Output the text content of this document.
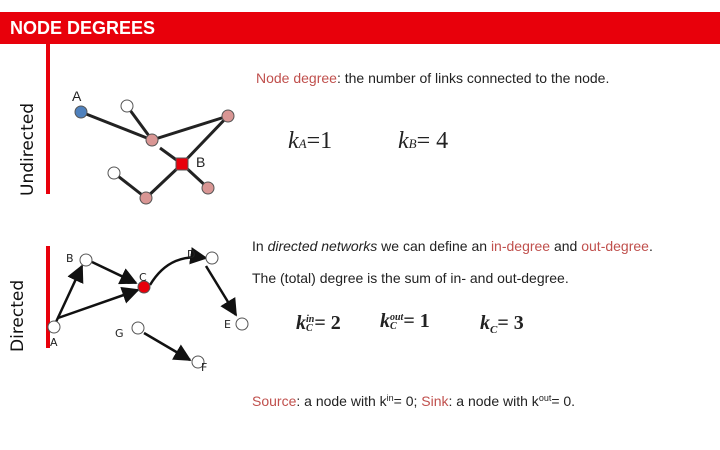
NODE DEGREES
Undirected
Directed
A
B
A
B
C
D
E
F
G
Node degree: the number of links connected to the node.
kA=1	kB= 4
In directed networks we can define an in-degree and out-degree.
The (total) degree is the sum of in- and out-degree.
k in
C = 2 k out
C = 1	$k_C= 3$
Source: a node with $k^{in}= 0$; Sink: a node with $k^{out}= 0$.
